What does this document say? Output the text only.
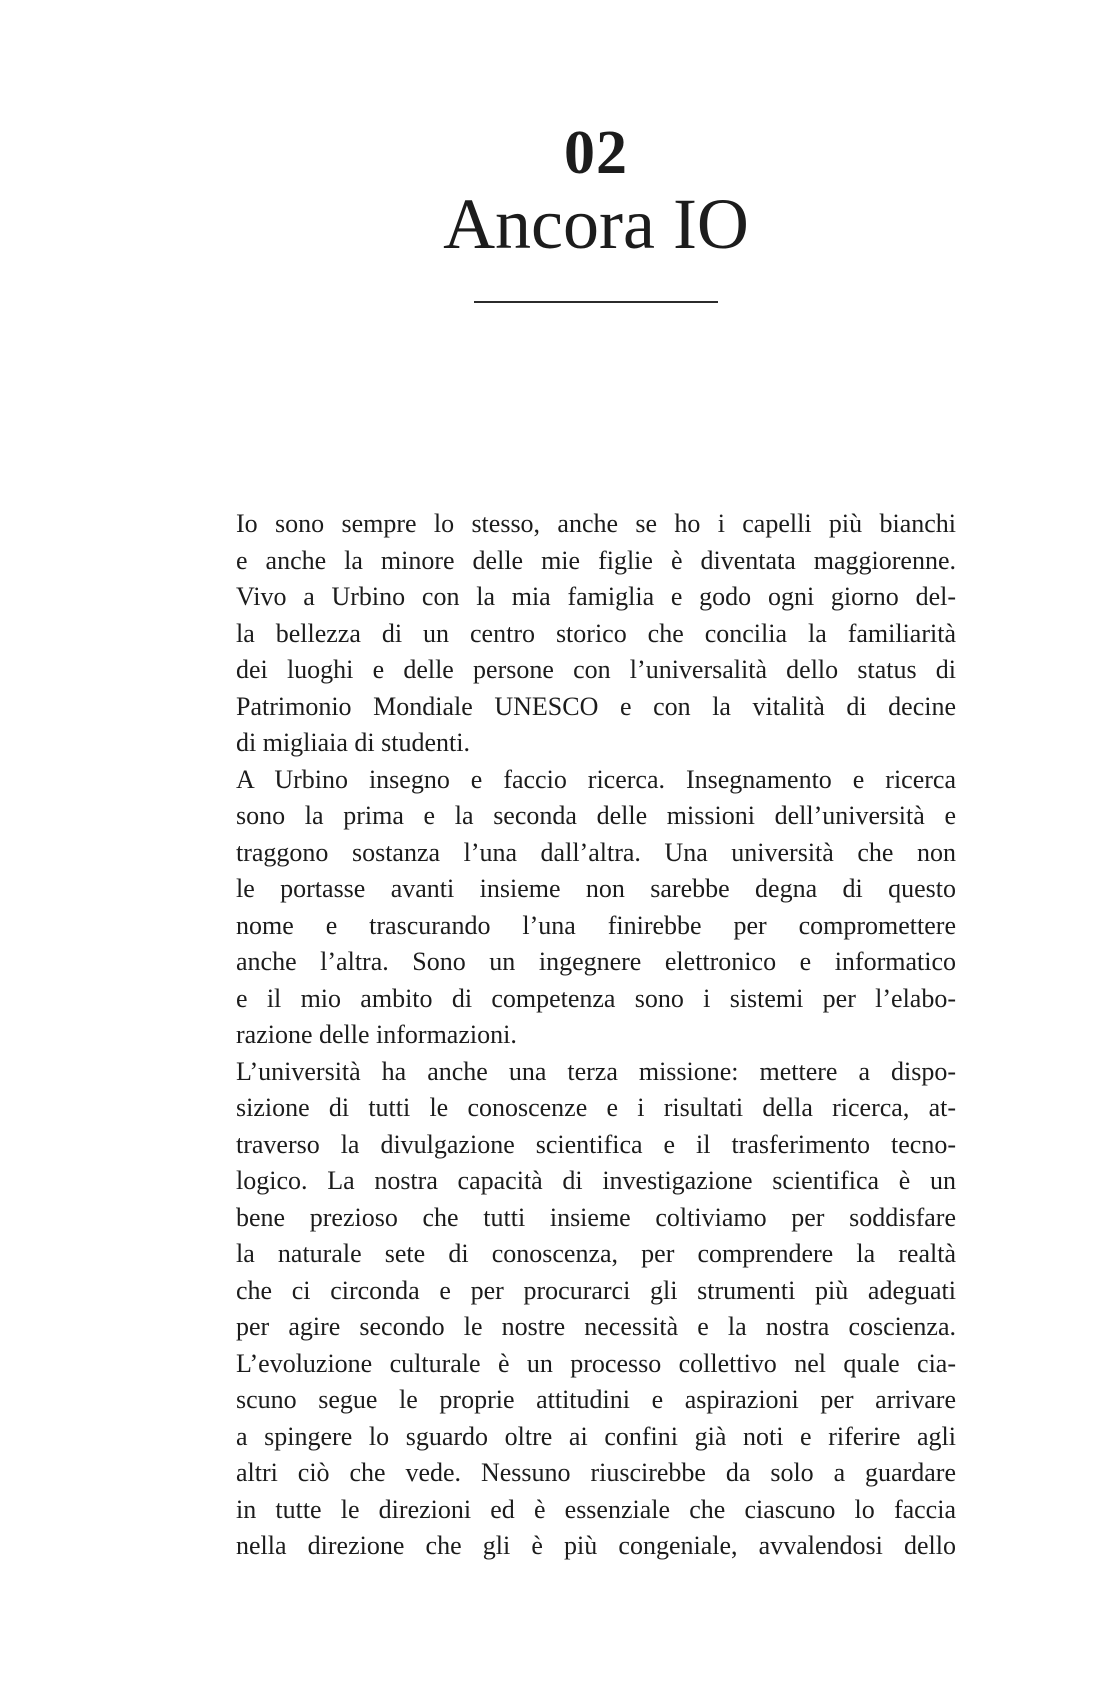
02
Ancora IO
Io sono sempre lo stesso, anche se ho i capelli più bianchi
e anche la minore delle mie figlie è diventata maggiorenne.
Vivo a Urbino con la mia famiglia e godo ogni giorno del-
la bellezza di un centro storico che concilia la familiarità
dei luoghi e delle persone con l’universalità dello status di
Patrimonio Mondiale UNESCO e con la vitalità di decine
di migliaia di studenti.
A Urbino insegno e faccio ricerca. Insegnamento e ricerca
sono la prima e la seconda delle missioni dell’università e
traggono sostanza l’una dall’altra. Una università che non
le portasse avanti insieme non sarebbe degna di questo
nome e trascurando l’una finirebbe per compromettere
anche l’altra. Sono un ingegnere elettronico e informatico
e il mio ambito di competenza sono i sistemi per l’elabo-
razione delle informazioni.
L’università ha anche una terza missione: mettere a dispo-
sizione di tutti le conoscenze e i risultati della ricerca, at-
traverso la divulgazione scientifica e il trasferimento tecno-
logico. La nostra capacità di investigazione scientifica è un
bene prezioso che tutti insieme coltiviamo per soddisfare
la naturale sete di conoscenza, per comprendere la realtà
che ci circonda e per procurarci gli strumenti più adeguati
per agire secondo le nostre necessità e la nostra coscienza.
L’evoluzione culturale è un processo collettivo nel quale cia-
scuno segue le proprie attitudini e aspirazioni per arrivare
a spingere lo sguardo oltre ai confini già noti e riferire agli
altri ciò che vede. Nessuno riuscirebbe da solo a guardare
in tutte le direzioni ed è essenziale che ciascuno lo faccia
nella direzione che gli è più congeniale, avvalendosi dello
